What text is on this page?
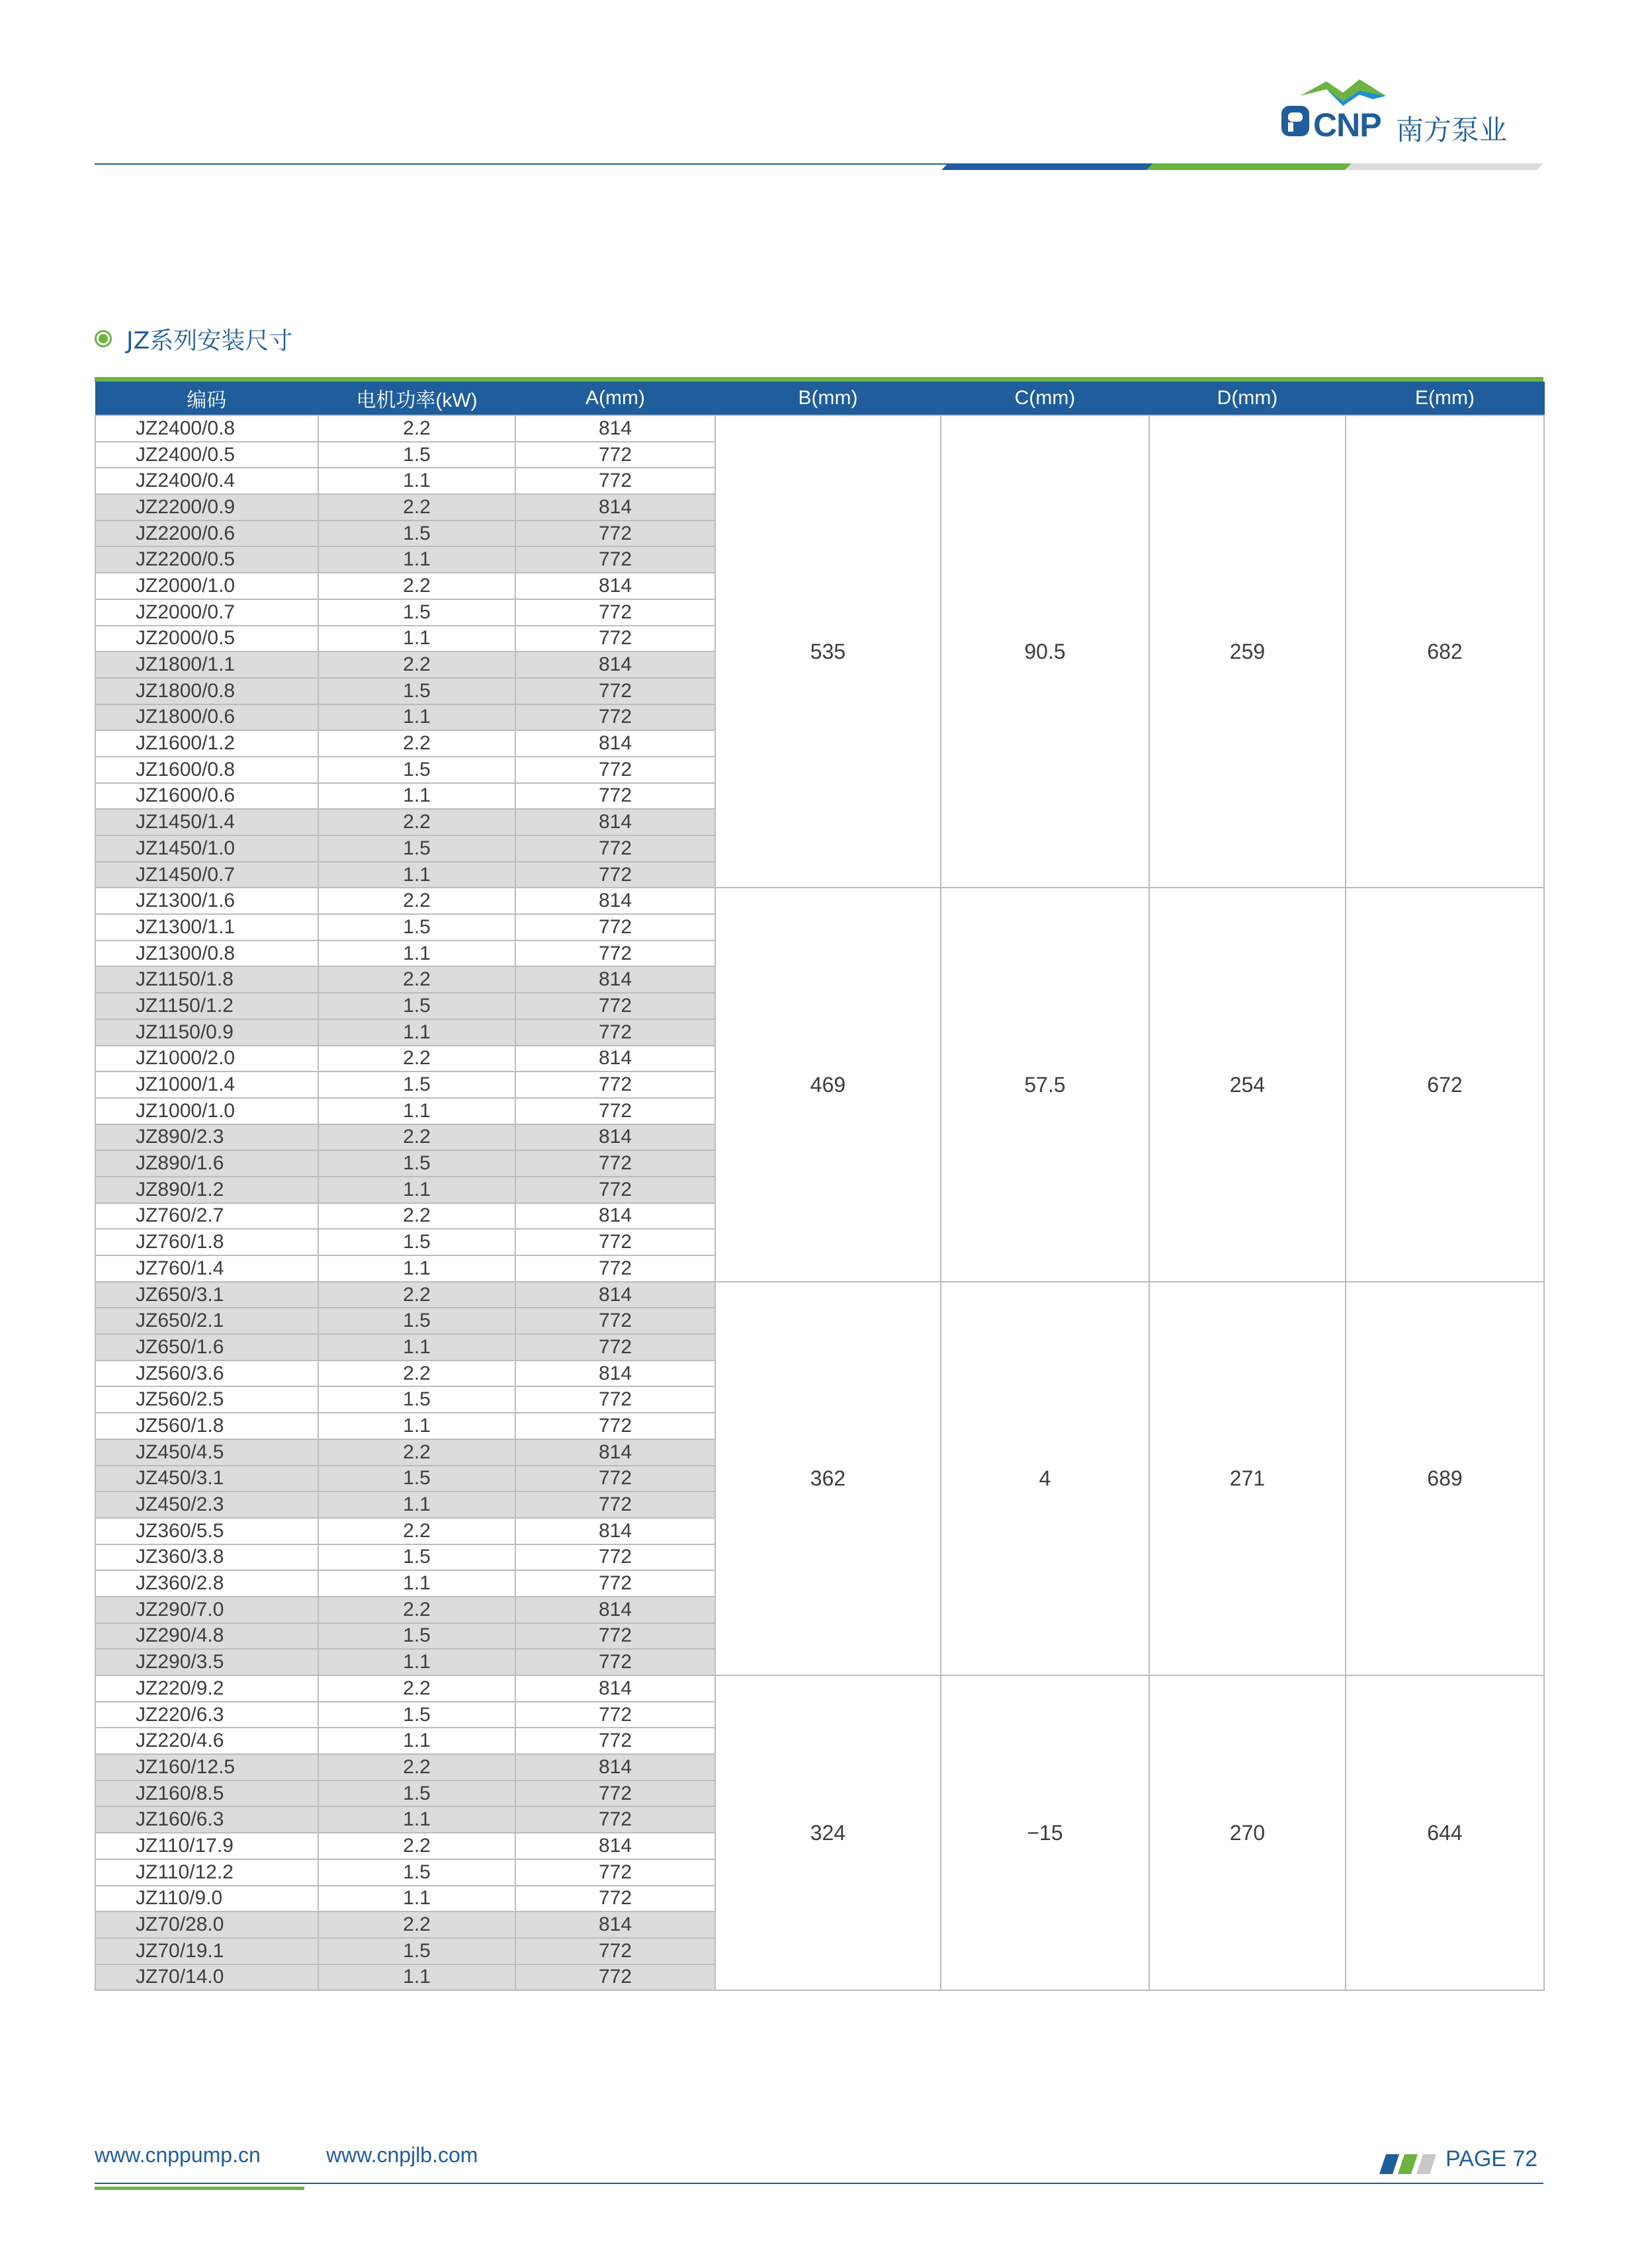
CNP 南方泵业
JZ系列安装尺寸
编码	电机功率(kW)	A(mm)	B(mm)	C(mm)	D(mm)	E(mm)
JZ2400/0.8	2.2	814	535	90.5	259	682
JZ2400/0.5	1.5	772				
JZ2400/0.4	1.1	772				
JZ2200/0.9	2.2	814				
JZ2200/0.6	1.5	772				
JZ2200/0.5	1.1	772				
JZ2000/1.0	2.2	814				
JZ2000/0.7	1.5	772				
JZ2000/0.5	1.1	772				
JZ1800/1.1	2.2	814				
JZ1800/0.8	1.5	772				
JZ1800/0.6	1.1	772				
JZ1600/1.2	2.2	814				
JZ1600/0.8	1.5	772				
JZ1600/0.6	1.1	772				
JZ1450/1.4	2.2	814				
JZ1450/1.0	1.5	772				
JZ1450/0.7	1.1	772				
JZ1300/1.6	2.2	814	469	57.5	254	672
JZ1300/1.1	1.5	772				
JZ1300/0.8	1.1	772				
JZ1150/1.8	2.2	814				
JZ1150/1.2	1.5	772				
JZ1150/0.9	1.1	772				
JZ1000/2.0	2.2	814				
JZ1000/1.4	1.5	772				
JZ1000/1.0	1.1	772				
JZ890/2.3	2.2	814				
JZ890/1.6	1.5	772				
JZ890/1.2	1.1	772				
JZ760/2.7	2.2	814				
JZ760/1.8	1.5	772				
JZ760/1.4	1.1	772				
JZ650/3.1	2.2	814	362	4	271	689
JZ650/2.1	1.5	772				
JZ650/1.6	1.1	772				
JZ560/3.6	2.2	814				
JZ560/2.5	1.5	772				
JZ560/1.8	1.1	772				
JZ450/4.5	2.2	814				
JZ450/3.1	1.5	772				
JZ450/2.3	1.1	772				
JZ360/5.5	2.2	814				
JZ360/3.8	1.5	772				
JZ360/2.8	1.1	772				
JZ290/7.0	2.2	814				
JZ290/4.8	1.5	772				
JZ290/3.5	1.1	772				
JZ220/9.2	2.2	814	324	−15	270	644
JZ220/6.3	1.5	772				
JZ220/4.6	1.1	772				
JZ160/12.5	2.2	814				
JZ160/8.5	1.5	772				
JZ160/6.3	1.1	772				
JZ110/17.9	2.2	814				
JZ110/12.2	1.5	772				
JZ110/9.0	1.1	772				
JZ70/28.0	2.2	814				
JZ70/19.1	1.5	772				
JZ70/14.0	1.1	772				
www.cnppump.cn	www.cnpjlb.com	PAGE 72
